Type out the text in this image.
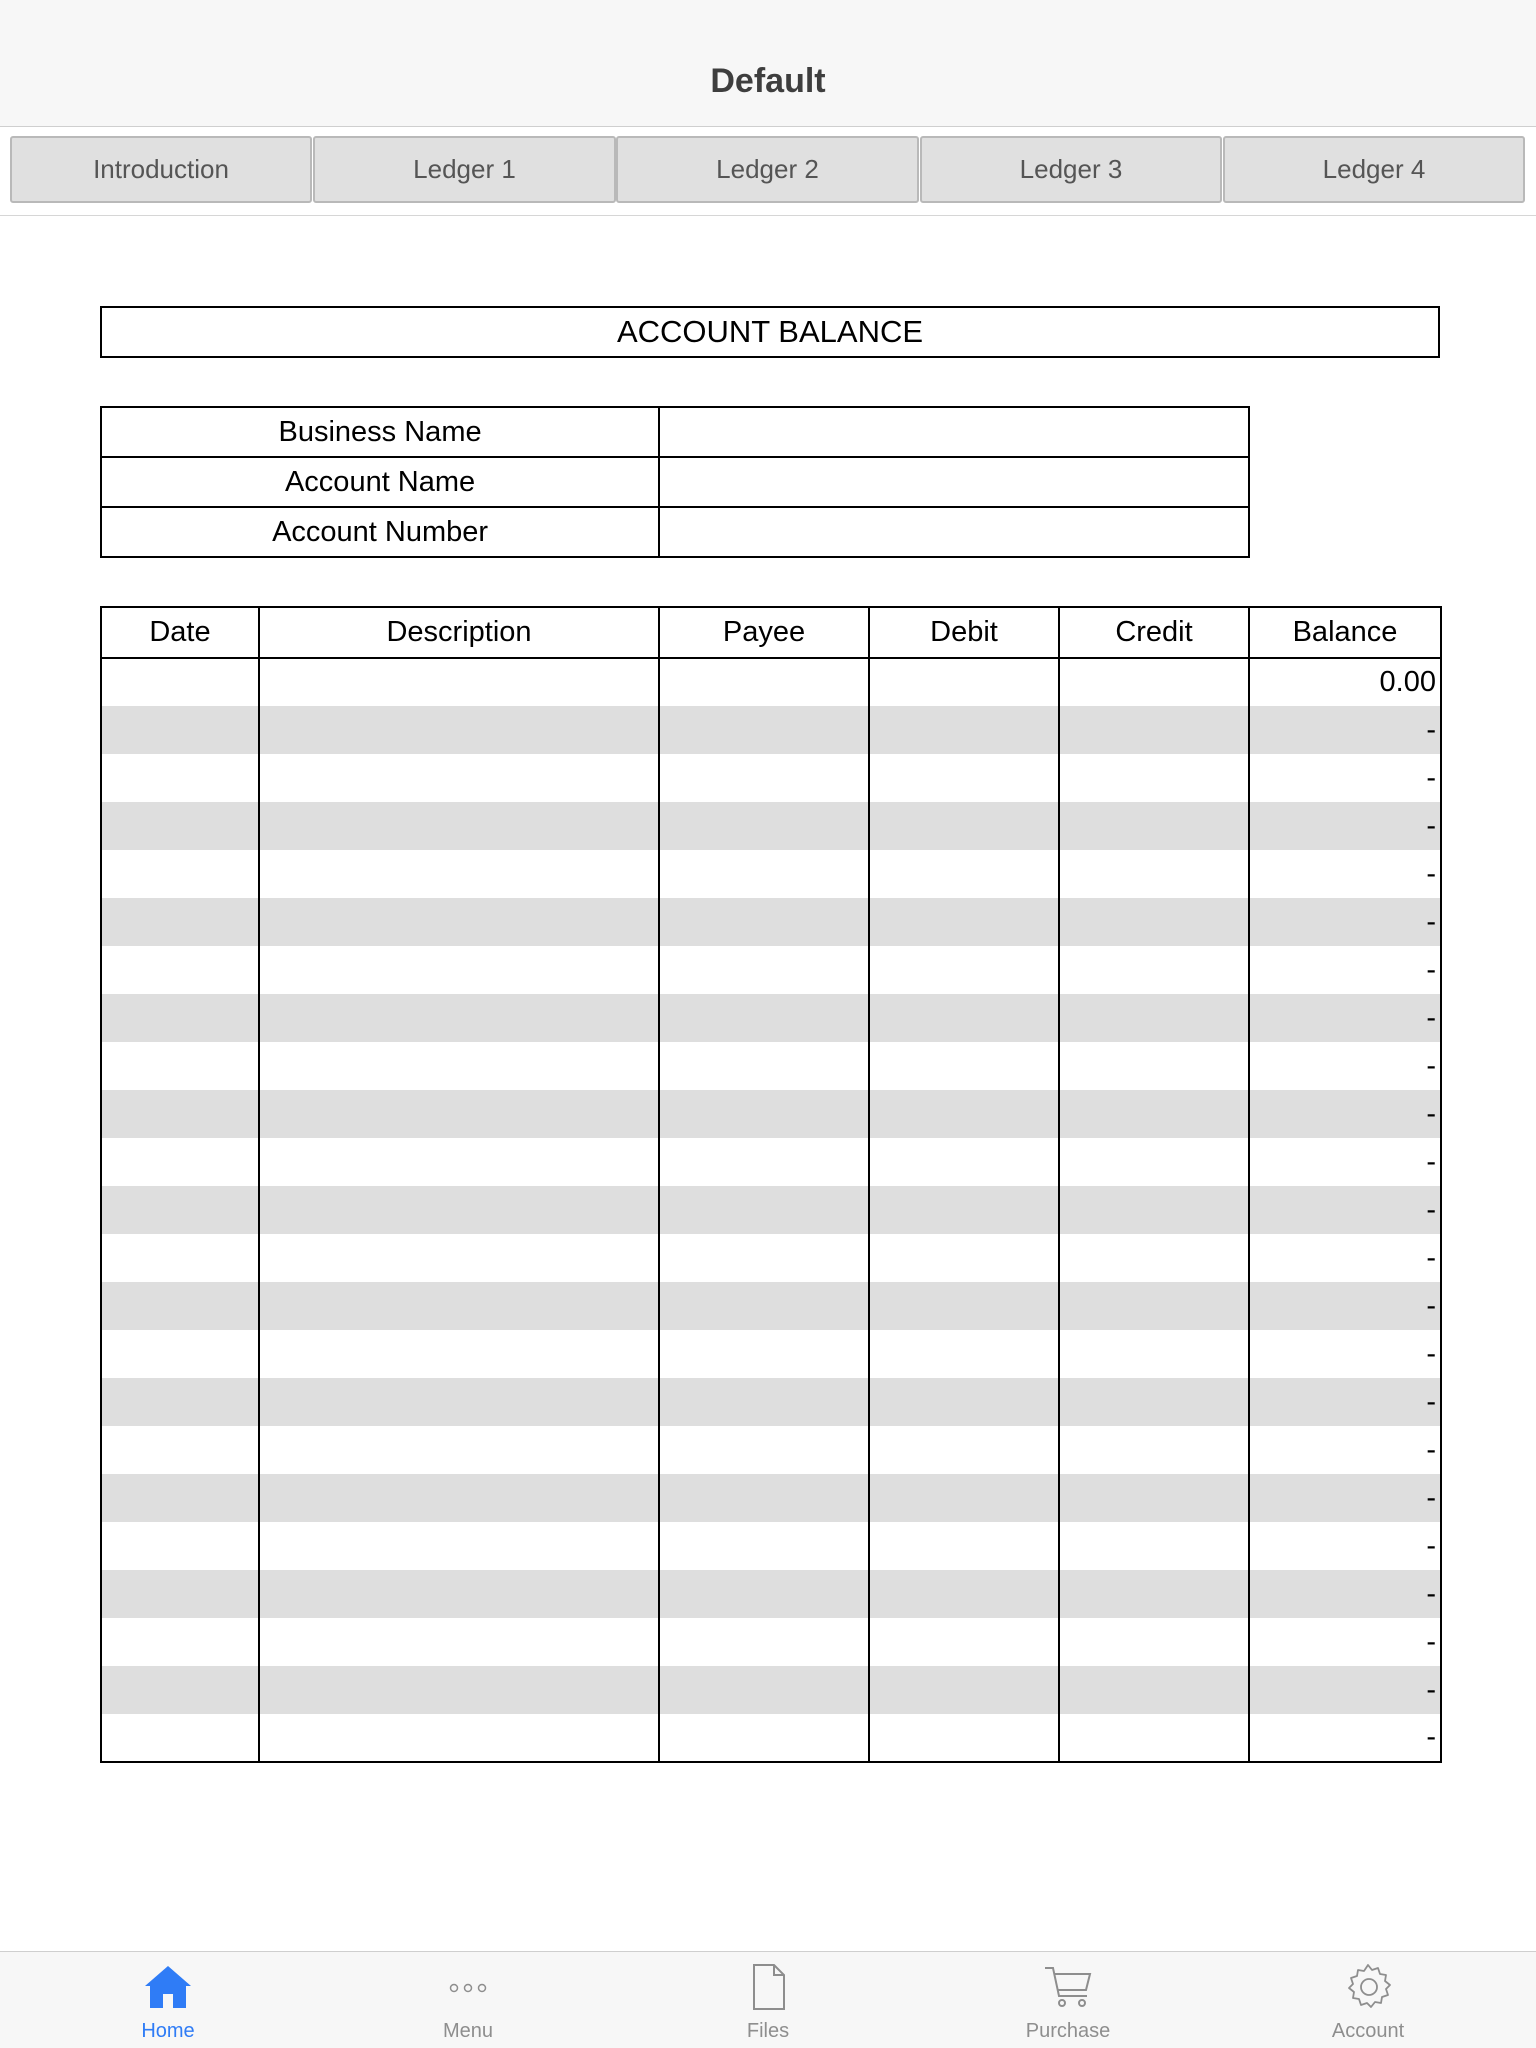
Default
Introduction	Ledger 1	Ledger 2	Ledger 3	Ledger 4
ACCOUNT BALANCE
Business Name	
Account Name	
Account Number	
Date	Description	Payee	Debit	Credit	Balance
					0.00
					-
					-
					-
					-
					-
					-
					-
					-
					-
					-
					-
					-
					-
					-
					-
					-
					-
					-
					-
					-
					-
					-
Home	Menu	Files	Purchase	Account
